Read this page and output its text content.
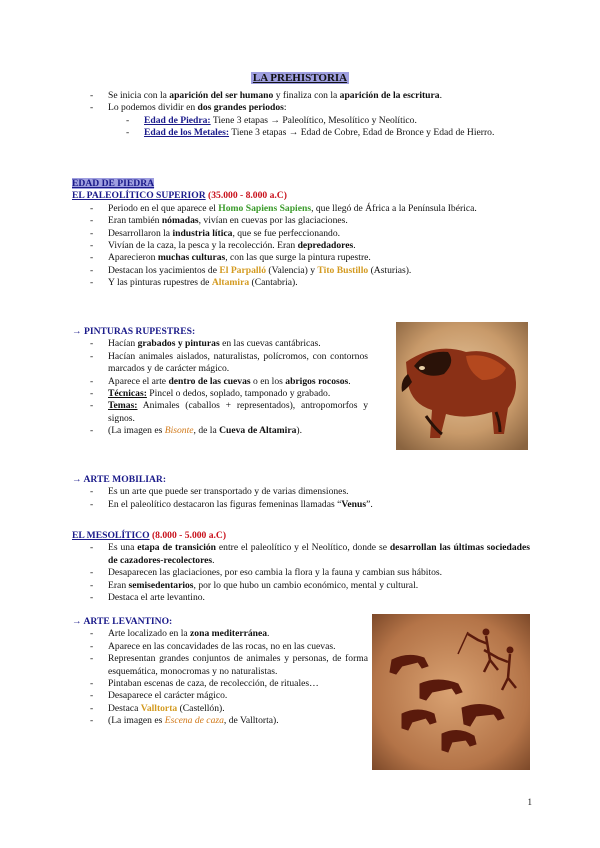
LA PREHISTORIA
- Se inicia con la aparición del ser humano y finaliza con la aparición de la escritura.
- Lo podemos dividir en dos grandes periodos:
- Edad de Piedra: Tiene 3 etapas → Paleolítico, Mesolítico y Neolítico.
- Edad de los Metales: Tiene 3 etapas → Edad de Cobre, Edad de Bronce y Edad de Hierro.
EDAD DE PIEDRA
EL PALEOLÍTICO SUPERIOR (35.000 - 8.000 a.C)
- Periodo en el que aparece el Homo Sapiens Sapiens, que llegó de África a la Península Ibérica.
- Eran también nómadas, vivían en cuevas por las glaciaciones.
- Desarrollaron la industria lítica, que se fue perfeccionando.
- Vivían de la caza, la pesca y la recolección. Eran depredadores.
- Aparecieron muchas culturas, con las que surge la pintura rupestre.
- Destacan los yacimientos de El Parpalló (Valencia) y Tito Bustillo (Asturias).
- Y las pinturas rupestres de Altamira (Cantabria).
→ PINTURAS RUPESTRES:
- Hacían grabados y pinturas en las cuevas cantábricas.
- Hacían animales aislados, naturalistas, polícromos, con contornos marcados y de carácter mágico.
- Aparece el arte dentro de las cuevas o en los abrigos rocosos.
- Técnicas: Pincel o dedos, soplado, tamponado y grabado.
- Temas: Animales (caballos + representados), antropomorfos y signos.
- (La imagen es Bisonte, de la Cueva de Altamira).
→ ARTE MOBILIAR:
- Es un arte que puede ser transportado y de varias dimensiones.
- En el paleolítico destacaron las figuras femeninas llamadas “Venus”.
EL MESOLÍTICO (8.000 - 5.000 a.C)
- Es una etapa de transición entre el paleolítico y el Neolítico, donde se desarrollan las últimas sociedades de cazadores-recolectores.
- Desaparecen las glaciaciones, por eso cambia la flora y la fauna y cambian sus hábitos.
- Eran semisedentarios, por lo que hubo un cambio económico, mental y cultural.
- Destaca el arte levantino.
→ ARTE LEVANTINO:
- Arte localizado en la zona mediterránea.
- Aparece en las concavidades de las rocas, no en las cuevas.
- Representan grandes conjuntos de animales y personas, de forma esquemática, monocromas y no naturalistas.
- Pintaban escenas de caza, de recolección, de rituales…
- Desaparece el carácter mágico.
- Destaca Valltorta (Castellón).
- (La imagen es Escena de caza, de Valltorta).
1
